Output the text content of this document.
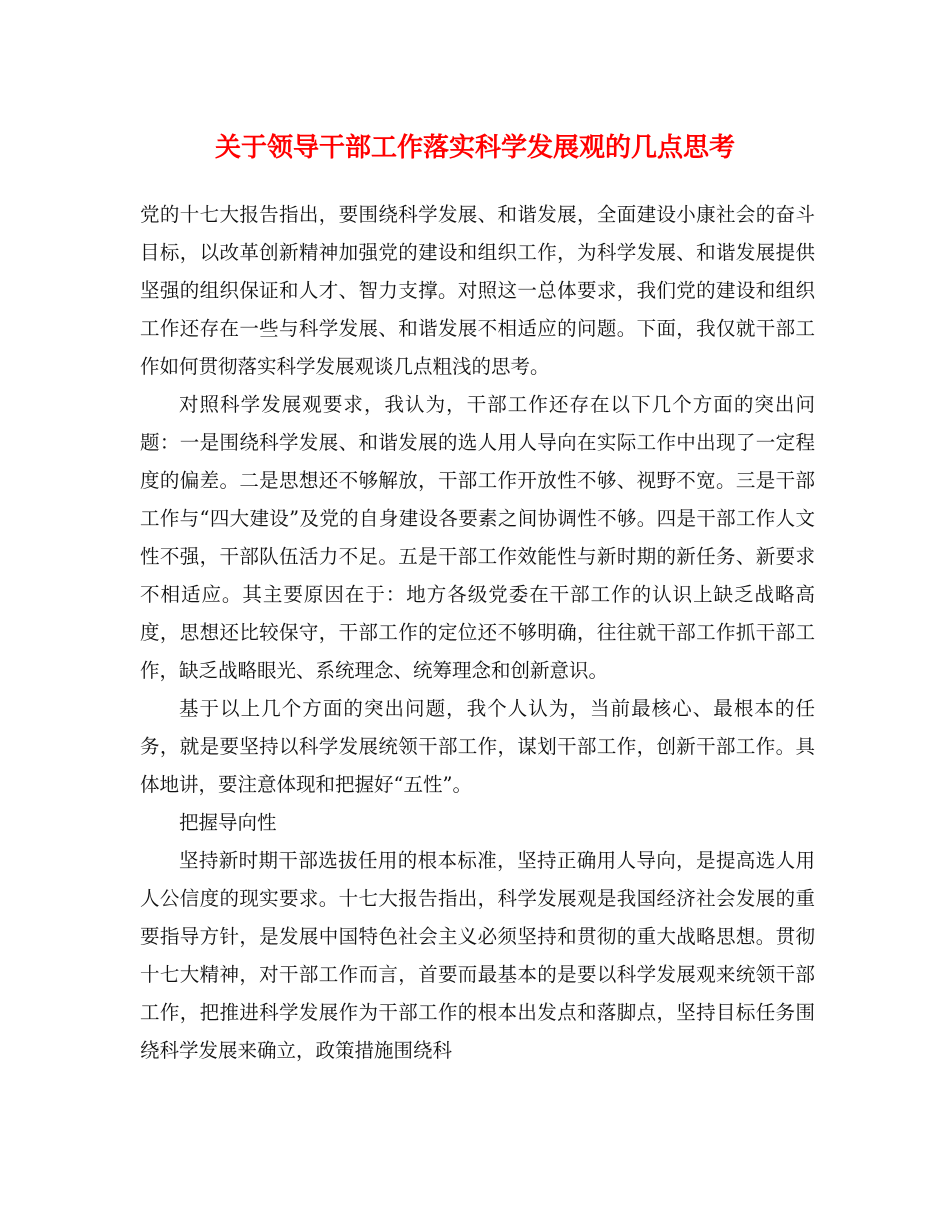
关于领导干部工作落实科学发展观的几点思考

党的十七大报告指出，要围绕科学发展、和谐发展，全面建设小康社会的奋斗目标，以改革创新精神加强党的建设和组织工作，为科学发展、和谐发展提供坚强的组织保证和人才、智力支撑。对照这一总体要求，我们党的建设和组织工作还存在一些与科学发展、和谐发展不相适应的问题。下面，我仅就干部工作如何贯彻落实科学发展观谈几点粗浅的思考。

对照科学发展观要求，我认为，干部工作还存在以下几个方面的突出问题：一是围绕科学发展、和谐发展的选人用人导向在实际工作中出现了一定程度的偏差。二是思想还不够解放，干部工作开放性不够、视野不宽。三是干部工作与“四大建设”及党的自身建设各要素之间协调性不够。四是干部工作人文性不强，干部队伍活力不足。五是干部工作效能性与新时期的新任务、新要求不相适应。其主要原因在于：地方各级党委在干部工作的认识上缺乏战略高度，思想还比较保守，干部工作的定位还不够明确，往往就干部工作抓干部工作，缺乏战略眼光、系统理念、统筹理念和创新意识。

基于以上几个方面的突出问题，我个人认为，当前最核心、最根本的任务，就是要坚持以科学发展统领干部工作，谋划干部工作，创新干部工作。具体地讲，要注意体现和把握好“五性”。

把握导向性

坚持新时期干部选拔任用的根本标准，坚持正确用人导向，是提高选人用人公信度的现实要求。十七大报告指出，科学发展观是我国经济社会发展的重要指导方针，是发展中国特色社会主义必须坚持和贯彻的重大战略思想。贯彻十七大精神，对干部工作而言，首要而最基本的是要以科学发展观来统领干部工作，把推进科学发展作为干部工作的根本出发点和落脚点，坚持目标任务围绕科学发展来确立，政策措施围绕科
